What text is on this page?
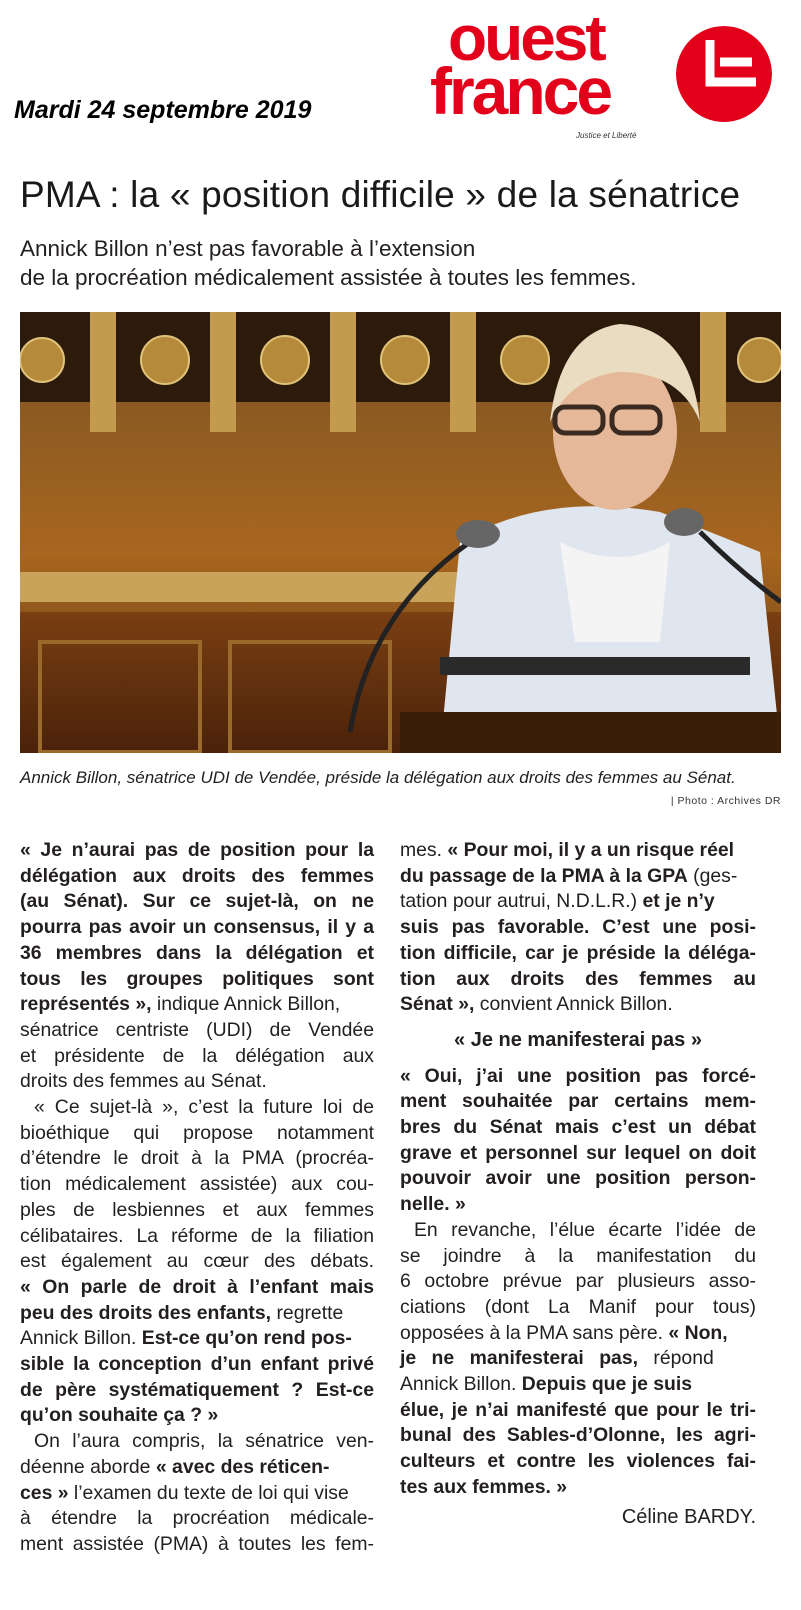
Mardi 24 septembre 2019
ouest
france
Justice et Liberté
PMA : la « position difficile » de la sénatrice
Annick Billon n’est pas favorable à l’extension
de la procréation médicalement assistée à toutes les femmes.
Annick Billon, sénatrice UDI de Vendée, préside la délégation aux droits des femmes au Sénat.
| Photo : Archives DR
« Je n’aurai pas de position pour la
délégation aux droits des femmes
(au Sénat). Sur ce sujet-là, on ne
pourra pas avoir un consensus, il y a
36 membres dans la délégation et
tous les groupes politiques sont
représentés », indique Annick Billon,
sénatrice centriste (UDI) de Vendée
et présidente de la délégation aux
droits des femmes au Sénat.
« Ce sujet-là », c’est la future loi de
bioéthique qui propose notamment
d’étendre le droit à la PMA (procréa-
tion médicalement assistée) aux cou-
ples de lesbiennes et aux femmes
célibataires. La réforme de la filiation
est également au cœur des débats.
« On parle de droit à l’enfant mais
peu des droits des enfants, regrette
Annick Billon. Est-ce qu’on rend pos-
sible la conception d’un enfant privé
de père systématiquement ? Est-ce
qu’on souhaite ça ? »
On l’aura compris, la sénatrice ven-
déenne aborde « avec des réticen-
ces » l’examen du texte de loi qui vise
à étendre la procréation médicale-
ment assistée (PMA) à toutes les fem-
mes. « Pour moi, il y a un risque réel
du passage de la PMA à la GPA (ges-
tation pour autrui, N.D.L.R.) et je n’y
suis pas favorable. C’est une posi-
tion difficile, car je préside la déléga-
tion aux droits des femmes au
Sénat », convient Annick Billon.
« Je ne manifesterai pas »
« Oui, j’ai une position pas forcé-
ment souhaitée par certains mem-
bres du Sénat mais c’est un débat
grave et personnel sur lequel on doit
pouvoir avoir une position person-
nelle. »
En revanche, l’élue écarte l’idée de
se joindre à la manifestation du
6 octobre prévue par plusieurs asso-
ciations (dont La Manif pour tous)
opposées à la PMA sans père. « Non,
je ne manifesterai pas, répond
Annick Billon. Depuis que je suis
élue, je n’ai manifesté que pour le tri-
bunal des Sables-d’Olonne, les agri-
culteurs et contre les violences fai-
tes aux femmes. »
Céline BARDY.
